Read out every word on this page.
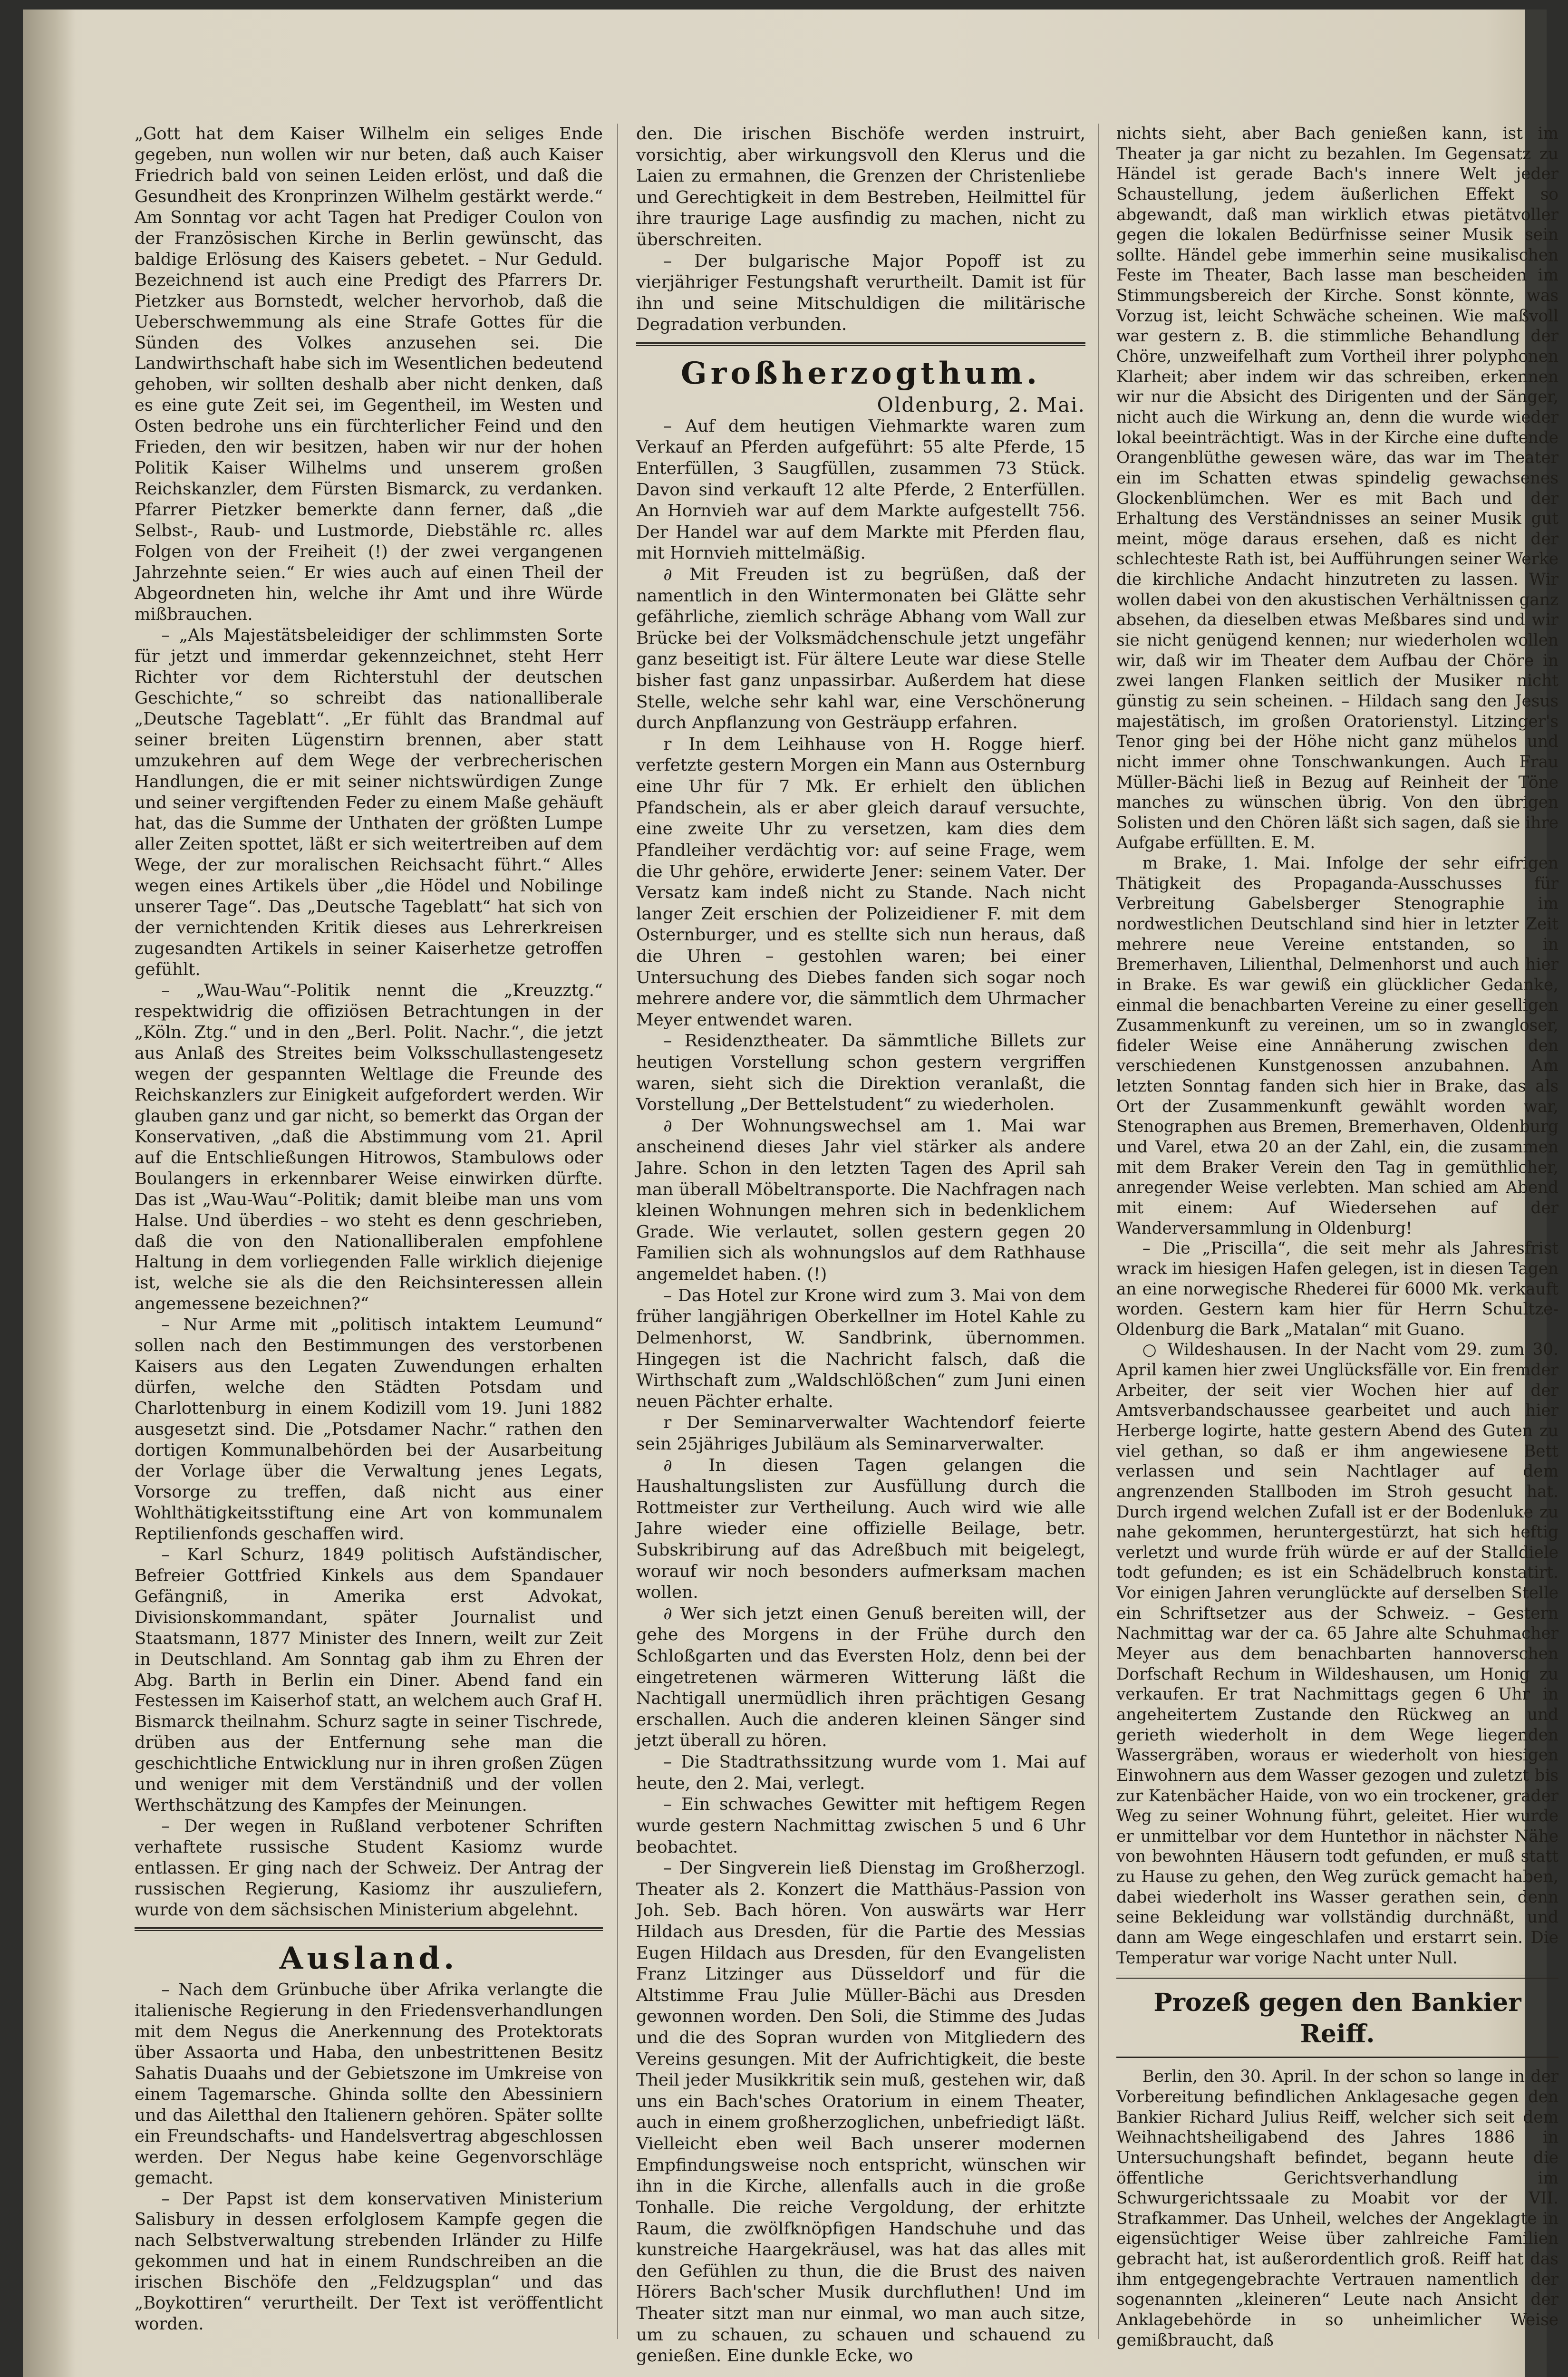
„Gott hat dem Kaiser Wilhelm ein seliges Ende gegeben, nun wollen wir nur beten, daß auch Kaiser Friedrich bald von seinen Leiden erlöst, und daß die Gesundheit des Kronprinzen Wilhelm gestärkt werde.“ Am Sonntag vor acht Tagen hat Prediger Coulon von der Französischen Kirche in Berlin gewünscht, das baldige Erlösung des Kaisers gebetet. – Nur Geduld. Bezeichnend ist auch eine Predigt des Pfarrers Dr. Pietzker aus Bornstedt, welcher hervorhob, daß die Ueberschwemmung als eine Strafe Gottes für die Sünden des Volkes anzusehen sei. Die Landwirthschaft habe sich im Wesentlichen bedeutend gehoben, wir sollten deshalb aber nicht denken, daß es eine gute Zeit sei, im Gegentheil, im Westen und Osten bedrohe uns ein fürchterlicher Feind und den Frieden, den wir besitzen, haben wir nur der hohen Politik Kaiser Wilhelms und unserem großen Reichskanzler, dem Fürsten Bismarck, zu verdanken. Pfarrer Pietzker bemerkte dann ferner, daß „die Selbst-, Raub- und Lustmorde, Diebstähle rc. alles Folgen von der Freiheit (!) der zwei vergangenen Jahrzehnte seien.“ Er wies auch auf einen Theil der Abgeordneten hin, welche ihr Amt und ihre Würde mißbrauchen.

– „Als Majestätsbeleidiger der schlimmsten Sorte für jetzt und immerdar gekennzeichnet, steht Herr Richter vor dem Richterstuhl der deutschen Geschichte,“ so schreibt das nationalliberale „Deutsche Tageblatt“. „Er fühlt das Brandmal auf seiner breiten Lügenstirn brennen, aber statt umzukehren auf dem Wege der verbrecherischen Handlungen, die er mit seiner nichtswürdigen Zunge und seiner vergiftenden Feder zu einem Maße gehäuft hat, das die Summe der Unthaten der größten Lumpe aller Zeiten spottet, läßt er sich weitertreiben auf dem Wege, der zur moralischen Reichsacht führt.“ Alles wegen eines Artikels über „die Hödel und Nobilinge unserer Tage“. Das „Deutsche Tageblatt“ hat sich von der vernichtenden Kritik dieses aus Lehrerkreisen zugesandten Artikels in seiner Kaiserhetze getroffen gefühlt.

– „Wau-Wau“-Politik nennt die „Kreuzztg.“ respektwidrig die offiziösen Betrachtungen in der „Köln. Ztg.“ und in den „Berl. Polit. Nachr.“, die jetzt aus Anlaß des Streites beim Volksschullastengesetz wegen der gespannten Weltlage die Freunde des Reichskanzlers zur Einigkeit aufgefordert werden. Wir glauben ganz und gar nicht, so bemerkt das Organ der Konservativen, „daß die Abstimmung vom 21. April auf die Entschließungen Hitrowos, Stambulows oder Boulangers in erkennbarer Weise einwirken dürfte. Das ist „Wau-Wau“-Politik; damit bleibe man uns vom Halse. Und überdies – wo steht es denn geschrieben, daß die von den Nationalliberalen empfohlene Haltung in dem vorliegenden Falle wirklich diejenige ist, welche sie als die den Reichsinteressen allein angemessene bezeichnen?“

– Nur Arme mit „politisch intaktem Leumund“ sollen nach den Bestimmungen des verstorbenen Kaisers aus den Legaten Zuwendungen erhalten dürfen, welche den Städten Potsdam und Charlottenburg in einem Kodizill vom 19. Juni 1882 ausgesetzt sind. Die „Potsdamer Nachr.“ rathen den dortigen Kommunalbehörden bei der Ausarbeitung der Vorlage über die Verwaltung jenes Legats, Vorsorge zu treffen, daß nicht aus einer Wohlthätigkeitsstiftung eine Art von kommunalem Reptilienfonds geschaffen wird.

– Karl Schurz, 1849 politisch Aufständischer, Befreier Gottfried Kinkels aus dem Spandauer Gefängniß, in Amerika erst Advokat, Divisionskommandant, später Journalist und Staatsmann, 1877 Minister des Innern, weilt zur Zeit in Deutschland. Am Sonntag gab ihm zu Ehren der Abg. Barth in Berlin ein Diner. Abend fand ein Festessen im Kaiserhof statt, an welchem auch Graf H. Bismarck theilnahm. Schurz sagte in seiner Tischrede, drüben aus der Entfernung sehe man die geschichtliche Entwicklung nur in ihren großen Zügen und weniger mit dem Verständniß und der vollen Werthschätzung des Kampfes der Meinungen.

– Der wegen in Rußland verbotener Schriften verhaftete russische Student Kasiomz wurde entlassen. Er ging nach der Schweiz. Der Antrag der russischen Regierung, Kasiomz ihr auszuliefern, wurde von dem sächsischen Ministerium abgelehnt.

Ausland.

– Nach dem Grünbuche über Afrika verlangte die italienische Regierung in den Friedensverhandlungen mit dem Negus die Anerkennung des Protektorats über Assaorta und Haba, den unbestrittenen Besitz Sahatis Duaahs und der Gebietszone im Umkreise von einem Tagemarsche. Ghinda sollte den Abessiniern und das Ailetthal den Italienern gehören. Später sollte ein Freundschafts- und Handelsvertrag abgeschlossen werden. Der Negus habe keine Gegenvorschläge gemacht.

– Der Papst ist dem konservativen Ministerium Salisbury in dessen erfolglosem Kampfe gegen die nach Selbstverwaltung strebenden Irländer zu Hilfe gekommen und hat in einem Rundschreiben an die irischen Bischöfe den „Feldzugsplan“ und das „Boykottiren“ verurtheilt. Der Text ist veröffentlicht worden.

den. Die irischen Bischöfe werden instruirt, vorsichtig, aber wirkungsvoll den Klerus und die Laien zu ermahnen, die Grenzen der Christenliebe und Gerechtigkeit in dem Bestreben, Heilmittel für ihre traurige Lage ausfindig zu machen, nicht zu überschreiten.

– Der bulgarische Major Popoff ist zu vierjähriger Festungshaft verurtheilt. Damit ist für ihn und seine Mitschuldigen die militärische Degradation verbunden.

Großherzogthum.
Oldenburg, 2. Mai.

– Auf dem heutigen Viehmarkte waren zum Verkauf an Pferden aufgeführt: 55 alte Pferde, 15 Enterfüllen, 3 Saugfüllen, zusammen 73 Stück. Davon sind verkauft 12 alte Pferde, 2 Enterfüllen. An Hornvieh war auf dem Markte aufgestellt 756. Der Handel war auf dem Markte mit Pferden flau, mit Hornvieh mittelmäßig.

∂ Mit Freuden ist zu begrüßen, daß der namentlich in den Wintermonaten bei Glätte sehr gefährliche, ziemlich schräge Abhang vom Wall zur Brücke bei der Volksmädchenschule jetzt ungefähr ganz beseitigt ist. Für ältere Leute war diese Stelle bisher fast ganz unpassirbar. Außerdem hat diese Stelle, welche sehr kahl war, eine Verschönerung durch Anpflanzung von Gesträupp erfahren.

r In dem Leihhause von H. Rogge hierf. verfetzte gestern Morgen ein Mann aus Osternburg eine Uhr für 7 Mk. Er erhielt den üblichen Pfandschein, als er aber gleich darauf versuchte, eine zweite Uhr zu versetzen, kam dies dem Pfandleiher verdächtig vor: auf seine Frage, wem die Uhr gehöre, erwiderte Jener: seinem Vater. Der Versatz kam indeß nicht zu Stande. Nach nicht langer Zeit erschien der Polizeidiener F. mit dem Osternburger, und es stellte sich nun heraus, daß die Uhren – gestohlen waren; bei einer Untersuchung des Diebes fanden sich sogar noch mehrere andere vor, die sämmtlich dem Uhrmacher Meyer entwendet waren.

– Residenztheater. Da sämmtliche Billets zur heutigen Vorstellung schon gestern vergriffen waren, sieht sich die Direktion veranlaßt, die Vorstellung „Der Bettelstudent“ zu wiederholen.

∂ Der Wohnungswechsel am 1. Mai war anscheinend dieses Jahr viel stärker als andere Jahre. Schon in den letzten Tagen des April sah man überall Möbeltransporte. Die Nachfragen nach kleinen Wohnungen mehren sich in bedenklichem Grade. Wie verlautet, sollen gestern gegen 20 Familien sich als wohnungslos auf dem Rathhause angemeldet haben. (!)

– Das Hotel zur Krone wird zum 3. Mai von dem früher langjährigen Oberkellner im Hotel Kahle zu Delmenhorst, W. Sandbrink, übernommen. Hingegen ist die Nachricht falsch, daß die Wirthschaft zum „Waldschlößchen“ zum Juni einen neuen Pächter erhalte.

r Der Seminarverwalter Wachtendorf feierte sein 25jähriges Jubiläum als Seminarverwalter.

∂ In diesen Tagen gelangen die Haushaltungslisten zur Ausfüllung durch die Rottmeister zur Vertheilung. Auch wird wie alle Jahre wieder eine offizielle Beilage, betr. Subskribirung auf das Adreßbuch mit beigelegt, worauf wir noch besonders aufmerksam machen wollen.

∂ Wer sich jetzt einen Genuß bereiten will, der gehe des Morgens in der Frühe durch den Schloßgarten und das Eversten Holz, denn bei der eingetretenen wärmeren Witterung läßt die Nachtigall unermüdlich ihren prächtigen Gesang erschallen. Auch die anderen kleinen Sänger sind jetzt überall zu hören.

– Die Stadtrathssitzung wurde vom 1. Mai auf heute, den 2. Mai, verlegt.

– Ein schwaches Gewitter mit heftigem Regen wurde gestern Nachmittag zwischen 5 und 6 Uhr beobachtet.

– Der Singverein ließ Dienstag im Großherzogl. Theater als 2. Konzert die Matthäus-Passion von Joh. Seb. Bach hören. Von auswärts war Herr Hildach aus Dresden, für die Partie des Messias Eugen Hildach aus Dresden, für den Evangelisten Franz Litzinger aus Düsseldorf und für die Altstimme Frau Julie Müller-Bächi aus Dresden gewonnen worden. Den Soli, die Stimme des Judas und die des Sopran wurden von Mitgliedern des Vereins gesungen. Mit der Aufrichtigkeit, die beste Theil jeder Musikkritik sein muß, gestehen wir, daß uns ein Bach'sches Oratorium in einem Theater, auch in einem großherzoglichen, unbefriedigt läßt. Vielleicht eben weil Bach unserer modernen Empfindungsweise noch entspricht, wünschen wir ihn in die Kirche, allenfalls auch in die große Tonhalle. Die reiche Vergoldung, der erhitzte Raum, die zwölfknöpfigen Handschuhe und das kunstreiche Haargekräusel, was hat das alles mit den Gefühlen zu thun, die die Brust des naiven Hörers Bach'scher Musik durchfluthen! Und im Theater sitzt man nur einmal, wo man auch sitze, um zu schauen, zu schauen und schauend zu genießen. Eine dunkle Ecke, wo

nichts sieht, aber Bach genießen kann, ist im Theater ja gar nicht zu bezahlen. Im Gegensatz zu Händel ist gerade Bach's innere Welt jeder Schaustellung, jedem äußerlichen Effekt so abgewandt, daß man wirklich etwas pietätvoller gegen die lokalen Bedürfnisse seiner Musik sein sollte. Händel gebe immerhin seine musikalischen Feste im Theater, Bach lasse man bescheiden im Stimmungsbereich der Kirche. Sonst könnte, was Vorzug ist, leicht Schwäche scheinen. Wie maßvoll war gestern z. B. die stimmliche Behandlung der Chöre, unzweifelhaft zum Vortheil ihrer polyphonen Klarheit; aber indem wir das schreiben, erkennen wir nur die Absicht des Dirigenten und der Sänger, nicht auch die Wirkung an, denn die wurde wieder lokal beeinträchtigt. Was in der Kirche eine duftende Orangenblüthe gewesen wäre, das war im Theater ein im Schatten etwas spindelig gewachsenes Glockenblümchen. Wer es mit Bach und der Erhaltung des Verständnisses an seiner Musik gut meint, möge daraus ersehen, daß es nicht der schlechteste Rath ist, bei Aufführungen seiner Werke die kirchliche Andacht hinzutreten zu lassen. Wir wollen dabei von den akustischen Verhältnissen ganz absehen, da dieselben etwas Meßbares sind und wir sie nicht genügend kennen; nur wiederholen wollen wir, daß wir im Theater dem Aufbau der Chöre in zwei langen Flanken seitlich der Musiker nicht günstig zu sein scheinen. – Hildach sang den Jesus majestätisch, im großen Oratorienstyl. Litzinger's Tenor ging bei der Höhe nicht ganz mühelos und nicht immer ohne Tonschwankungen. Auch Frau Müller-Bächi ließ in Bezug auf Reinheit der Töne manches zu wünschen übrig. Von den übrigen Solisten und den Chören läßt sich sagen, daß sie ihre Aufgabe erfüllten. E. M.

m Brake, 1. Mai. Infolge der sehr eifrigen Thätigkeit des Propaganda-Ausschusses für Verbreitung Gabelsberger Stenographie im nordwestlichen Deutschland sind hier in letzter Zeit mehrere neue Vereine entstanden, so in Bremerhaven, Lilienthal, Delmenhorst und auch hier in Brake. Es war gewiß ein glücklicher Gedanke, einmal die benachbarten Vereine zu einer geselligen Zusammenkunft zu vereinen, um so in zwangloser, fideler Weise eine Annäherung zwischen den verschiedenen Kunstgenossen anzubahnen. Am letzten Sonntag fanden sich hier in Brake, das als Ort der Zusammenkunft gewählt worden war, Stenographen aus Bremen, Bremerhaven, Oldenburg und Varel, etwa 20 an der Zahl, ein, die zusammen mit dem Braker Verein den Tag in gemüthlicher, anregender Weise verlebten. Man schied am Abend mit einem: Auf Wiedersehen auf der Wanderversammlung in Oldenburg!

– Die „Priscilla“, die seit mehr als Jahresfrist wrack im hiesigen Hafen gelegen, ist in diesen Tagen an eine norwegische Rhederei für 6000 Mk. verkauft worden. Gestern kam hier für Herrn Schultze-Oldenburg die Bark „Matalan“ mit Guano.

○ Wildeshausen. In der Nacht vom 29. zum 30. April kamen hier zwei Unglücksfälle vor. Ein fremder Arbeiter, der seit vier Wochen hier auf der Amtsverbandschaussee gearbeitet und auch hier Herberge logirte, hatte gestern Abend des Guten zu viel gethan, so daß er ihm angewiesene Bett verlassen und sein Nachtlager auf dem angrenzenden Stallboden im Stroh gesucht hat. Durch irgend welchen Zufall ist er der Bodenluke zu nahe gekommen, heruntergestürzt, hat sich heftig verletzt und wurde früh würde er auf der Stalldiele todt gefunden; es ist ein Schädelbruch konstatirt. Vor einigen Jahren verunglückte auf derselben Stelle ein Schriftsetzer aus der Schweiz. – Gestern Nachmittag war der ca. 65 Jahre alte Schuhmacher Meyer aus dem benachbarten hannoverschen Dorfschaft Rechum in Wildeshausen, um Honig zu verkaufen. Er trat Nachmittags gegen 6 Uhr in angeheitertem Zustande den Rückweg an und gerieth wiederholt in dem Wege liegenden Wassergräben, woraus er wiederholt von hiesigen Einwohnern aus dem Wasser gezogen und zuletzt bis zur Katenbächer Haide, von wo ein trockener, grader Weg zu seiner Wohnung führt, geleitet. Hier wurde er unmittelbar vor dem Huntethor in nächster Nähe von bewohnten Häusern todt gefunden, er muß statt zu Hause zu gehen, den Weg zurück gemacht haben, dabei wiederholt ins Wasser gerathen sein, denn seine Bekleidung war vollständig durchnäßt, und dann am Wege eingeschlafen und erstarrt sein. Die Temperatur war vorige Nacht unter Null.

Prozeß gegen den Bankier Reiff.

Berlin, den 30. April. In der schon so lange in der Vorbereitung befindlichen Anklagesache gegen den Bankier Richard Julius Reiff, welcher sich seit dem Weihnachtsheiligabend des Jahres 1886 in Untersuchungshaft befindet, begann heute die öffentliche Gerichtsverhandlung im Schwurgerichtssaale zu Moabit vor der VII. Strafkammer. Das Unheil, welches der Angeklagte in eigensüchtiger Weise über zahlreiche Familien gebracht hat, ist außerordentlich groß. Reiff hat das ihm entgegengebrachte Vertrauen namentlich der sogenannten „kleineren“ Leute nach Ansicht der Anklagebehörde in so unheimlicher Weise gemißbraucht, daß
